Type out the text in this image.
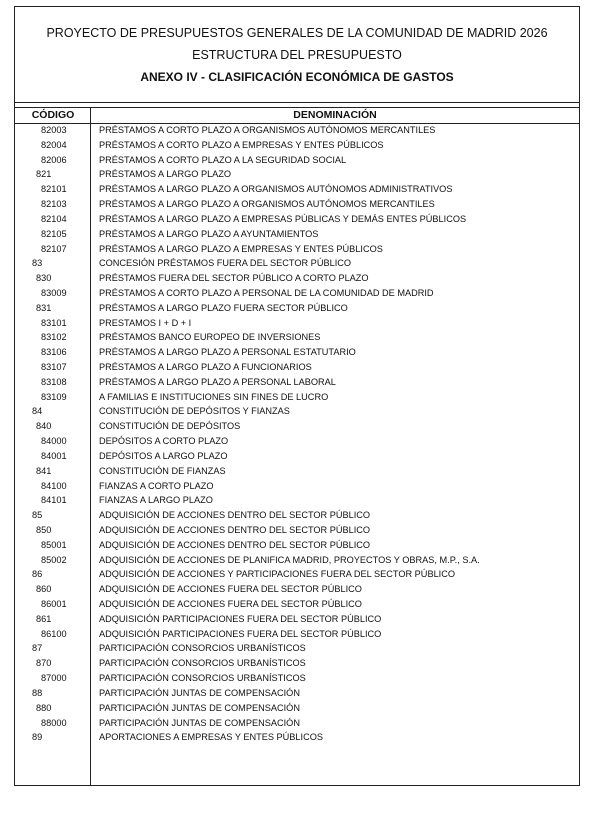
PROYECTO DE PRESUPUESTOS GENERALES DE LA COMUNIDAD DE MADRID 2026
ESTRUCTURA DEL PRESUPUESTO
ANEXO IV - CLASIFICACIÓN ECONÓMICA DE GASTOS
CÓDIGO	DENOMINACIÓN
82003	PRÉSTAMOS A CORTO PLAZO A ORGANISMOS AUTÓNOMOS MERCANTILES
82004	PRÉSTAMOS A CORTO PLAZO A EMPRESAS Y ENTES PÚBLICOS
82006	PRÉSTAMOS A CORTO PLAZO A LA SEGURIDAD SOCIAL
821	PRÉSTAMOS A LARGO PLAZO
82101	PRÉSTAMOS A LARGO PLAZO A ORGANISMOS AUTÓNOMOS ADMINISTRATIVOS
82103	PRÉSTAMOS A LARGO PLAZO A ORGANISMOS AUTÓNOMOS MERCANTILES
82104	PRÉSTAMOS A LARGO PLAZO A EMPRESAS PÚBLICAS Y DEMÁS ENTES PÚBLICOS
82105	PRÉSTAMOS A LARGO PLAZO A AYUNTAMIENTOS
82107	PRÉSTAMOS A LARGO PLAZO A EMPRESAS Y ENTES PÚBLICOS
83	CONCESIÓN PRÉSTAMOS FUERA DEL SECTOR PÚBLICO
830	PRÉSTAMOS FUERA DEL SECTOR PÚBLICO A CORTO PLAZO
83009	PRÉSTAMOS A CORTO PLAZO A PERSONAL DE LA COMUNIDAD DE MADRID
831	PRÉSTAMOS A LARGO PLAZO FUERA SECTOR PÚBLICO
83101	PRESTAMOS I + D + I
83102	PRÉSTAMOS BANCO EUROPEO DE INVERSIONES
83106	PRÉSTAMOS A LARGO PLAZO A PERSONAL ESTATUTARIO
83107	PRÉSTAMOS A LARGO PLAZO A FUNCIONARIOS
83108	PRÉSTAMOS A LARGO PLAZO A PERSONAL LABORAL
83109	A FAMILIAS E INSTITUCIONES SIN FINES DE LUCRO
84	CONSTITUCIÓN DE DEPÓSITOS Y FIANZAS
840	CONSTITUCIÓN DE DEPÓSITOS
84000	DEPÓSITOS A CORTO PLAZO
84001	DEPÓSITOS A LARGO PLAZO
841	CONSTITUCIÓN DE FIANZAS
84100	FIANZAS A CORTO PLAZO
84101	FIANZAS A LARGO PLAZO
85	ADQUISICIÓN DE ACCIONES DENTRO DEL SECTOR PÚBLICO
850	ADQUISICIÓN DE ACCIONES DENTRO DEL SECTOR PÚBLICO
85001	ADQUISICIÓN DE ACCIONES DENTRO DEL SECTOR PÚBLICO
85002	ADQUISICIÓN DE ACCIONES DE PLANIFICA MADRID, PROYECTOS Y OBRAS, M.P., S.A.
86	ADQUISICIÓN DE ACCIONES Y PARTICIPACIONES FUERA DEL SECTOR PÚBLICO
860	ADQUISICIÓN DE ACCIONES FUERA DEL SECTOR PÚBLICO
86001	ADQUISICIÓN DE ACCIONES FUERA DEL SECTOR PÚBLICO
861	ADQUISICIÓN PARTICIPACIONES FUERA DEL SECTOR PÚBLICO
86100	ADQUISICIÓN PARTICIPACIONES FUERA DEL SECTOR PÚBLICO
87	PARTICIPACIÓN CONSORCIOS URBANÍSTICOS
870	PARTICIPACIÓN CONSORCIOS URBANÍSTICOS
87000	PARTICIPACIÓN CONSORCIOS URBANÍSTICOS
88	PARTICIPACIÓN JUNTAS DE COMPENSACIÓN
880	PARTICIPACIÓN JUNTAS DE COMPENSACIÓN
88000	PARTICIPACIÓN JUNTAS DE COMPENSACIÓN
89	APORTACIONES A EMPRESAS Y ENTES PÚBLICOS
